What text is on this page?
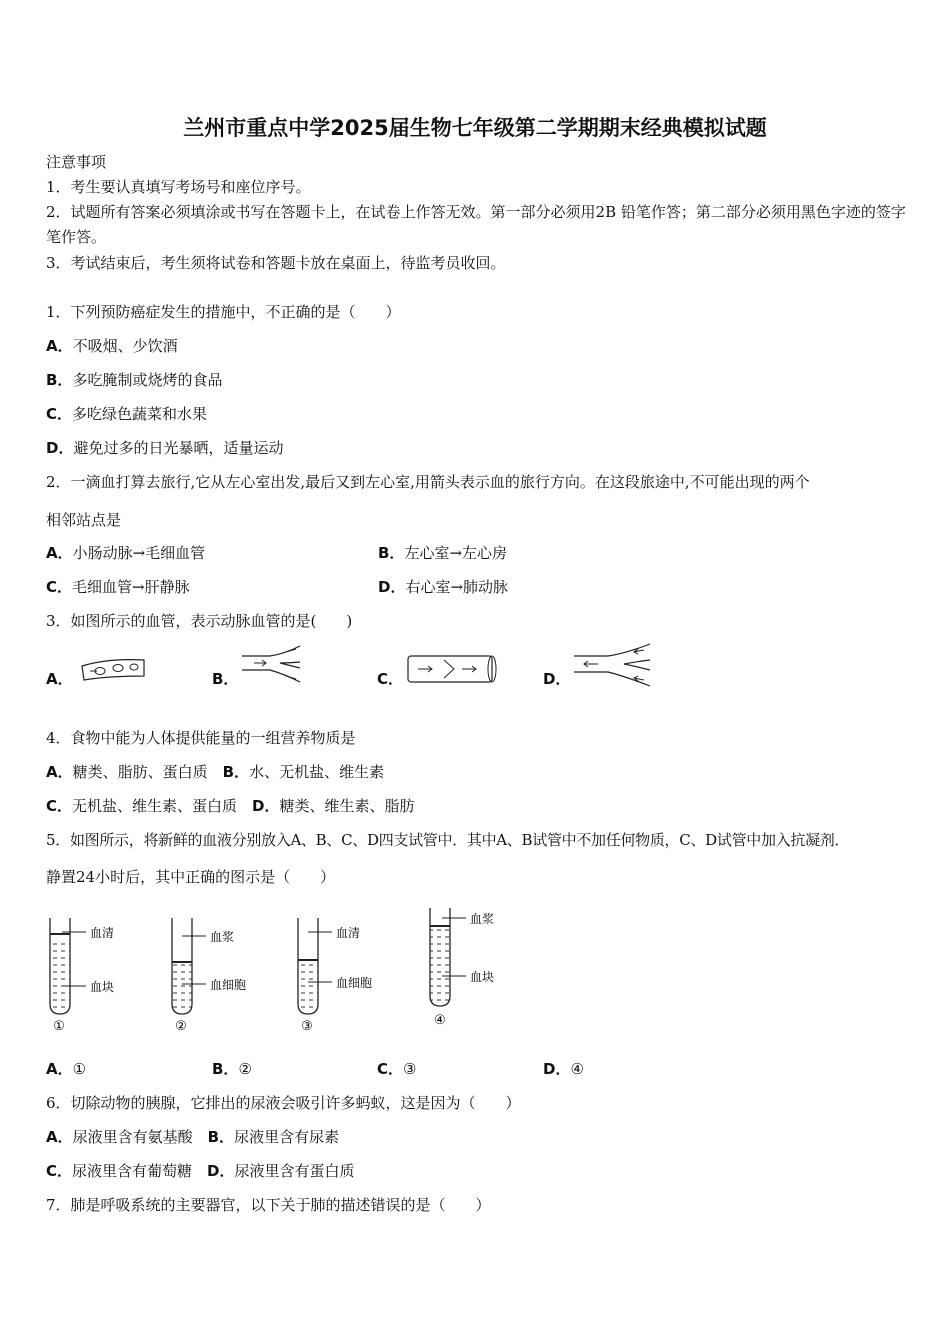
兰州市重点中学2025届生物七年级第二学期期末经典模拟试题
注意事项
1．考生要认真填写考场号和座位序号。
2．试题所有答案必须填涂或书写在答题卡上，在试卷上作答无效。第一部分必须用2B 铅笔作答；第二部分必须用黑色字迹的签字笔作答。
3．考试结束后，考生须将试卷和答题卡放在桌面上，待监考员收回。
1．下列预防癌症发生的措施中，不正确的是（　　）
A．不吸烟、少饮酒
B．多吃腌制或烧烤的食品
C．多吃绿色蔬菜和水果
D．避免过多的日光暴晒，适量运动
2．一滴血打算去旅行,它从左心室出发,最后又到左心室,用箭头表示血的旅行方向。在这段旅途中,不可能出现的两个
相邻站点是
A．小肠动脉→毛细血管	B．左心室→左心房
C．毛细血管→肝静脉	D．右心室→肺动脉
3．如图所示的血管，表示动脉血管的是(　　)
A．	B．	C．	D．
4．食物中能为人体提供能量的一组营养物质是
A．糖类、脂肪、蛋白质　 B．水、无机盐、维生素
C．无机盐、维生素、蛋白质　 D．糖类、维生素、脂肪
5．如图所示，将新鲜的血液分别放入A、B、C、D四支试管中．其中A、B试管中不加任何物质，C、D试管中加入抗凝剂．
静置24小时后，其中正确的图示是（　　）
血清
血块
①
血浆
血细胞
②
血清
血细胞
③
血浆
血块
④
A．①	B．②	C．③	D．④
6．切除动物的胰腺，它排出的尿液会吸引许多蚂蚁，这是因为（　　）
A．尿液里含有氨基酸　 B．尿液里含有尿素
C．尿液里含有葡萄糖　 D．尿液里含有蛋白质
7．肺是呼吸系统的主要器官，以下关于肺的描述错误的是（　　）
